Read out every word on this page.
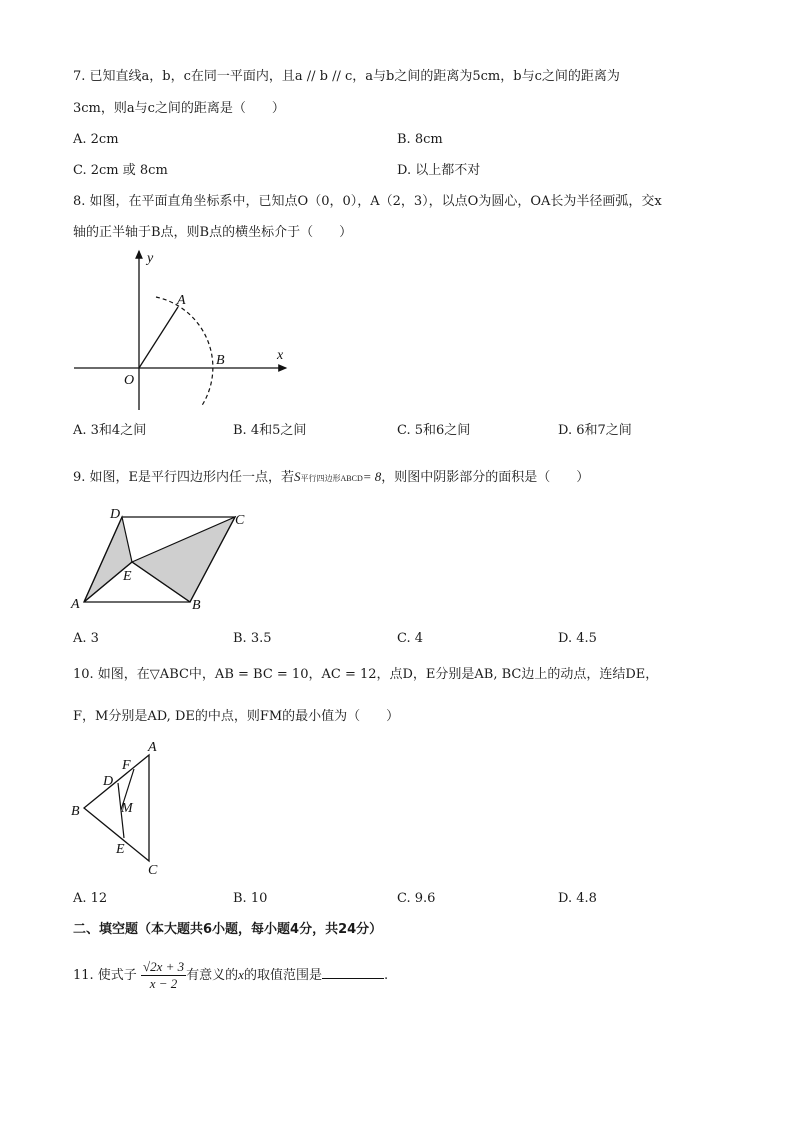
7. 已知直线a，b，c在同一平面内，且a // b // c，a与b之间的距离为5cm，b与c之间的距离为
3cm，则a与c之间的距离是（　　）
A. 2cm	B. 8cm
C. 2cm 或 8cm	D. 以上都不对
8. 如图，在平面直角坐标系中，已知点O（0，0），A（2，3），以点O为圆心，OA长为半径画弧，交x
轴的正半轴于B点，则B点的横坐标介于（　　）
y
x
A
B
O
A. 3和4之间	B. 4和5之间	C. 5和6之间	D. 6和7之间
9. 如图，E是平行四边形内任一点，若S平行四边形ABCD= 8，则图中阴影部分的面积是（　　）
D	C
E
A	B
A. 3	B. 3.5	C. 4	D. 4.5
10. 如图，在▽ABC中，AB = BC = 10，AC = 12，点D，E分别是AB, BC边上的动点，连结DE，
F，M分别是AD, DE的中点，则FM的最小值为（　　）
A
F
D
M
B
E
C
A. 12	B. 10	C. 9.6	D. 4.8
二、填空题（本大题共6小题，每小题4分，共24分）
11. 使式子 $\frac{√2x + 3}{x - 2}$ 有意义的x的取值范围是	.
